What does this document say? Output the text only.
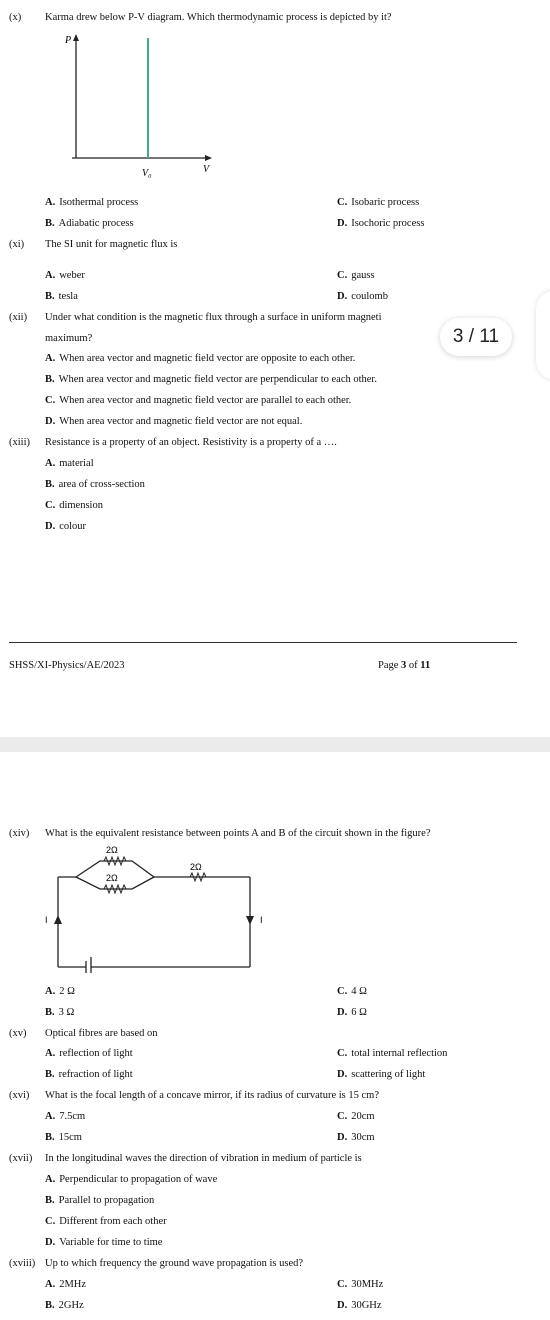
(x) Karma drew below P-V diagram. Which thermodynamic process is depicted by it?
P
V
V₀
A. Isothermal process	C. Isobaric process
B. Adiabatic process	D. Isochoric process
(xi) The SI unit for magnetic flux is
A. weber	C. gauss
B. tesla	D. coulomb
(xii) Under what condition is the magnetic flux through a surface in uniform magneti
maximum?
A. When area vector and magnetic field vector are opposite to each other.
B. When area vector and magnetic field vector are perpendicular to each other.
C. When area vector and magnetic field vector are parallel to each other.
D. When area vector and magnetic field vector are not equal.
(xiii) Resistance is a property of an object. Resistivity is a property of a ….
A. material
B. area of cross-section
C. dimension
D. colour
SHSS/XI-Physics/AE/2023	Page 3 of 11
3 / 11
(xiv) What is the equivalent resistance between points A and B of the circuit shown in the figure?
2Ω
2Ω
2Ω
I	I
A. 2 Ω	C. 4 Ω
B. 3 Ω	D. 6 Ω
(xv) Optical fibres are based on
A. reflection of light	C. total internal reflection
B. refraction of light	D. scattering of light
(xvi) What is the focal length of a concave mirror, if its radius of curvature is 15 cm?
A. 7.5cm	C. 20cm
B. 15cm	D. 30cm
(xvii) In the longitudinal waves the direction of vibration in medium of particle is
A. Perpendicular to propagation of wave
B. Parallel to propagation
C. Different from each other
D. Variable for time to time
(xviii) Up to which frequency the ground wave propagation is used?
A. 2MHz	C. 30MHz
B. 2GHz	D. 30GHz
